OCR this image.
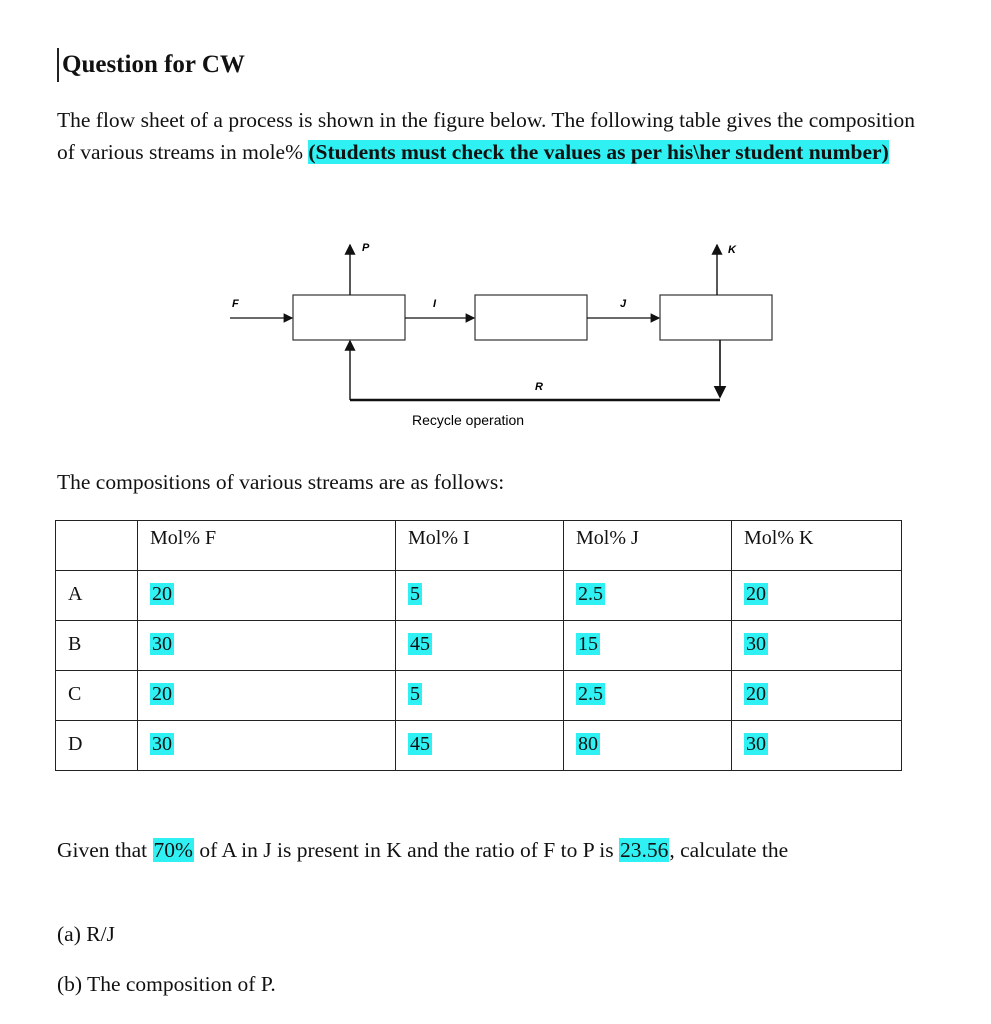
Question for CW
The flow sheet of a process is shown in the figure below. The following table gives the composition of various streams in mole% (Students must check the values as per his\her student number)
F	I	J
P	K
R
Recycle operation
The compositions of various streams are as follows:
	Mol% F	Mol% I	Mol% J	Mol% K
A	20	5	2.5	20
B	30	45	15	30
C	20	5	2.5	20
D	30	45	80	30
Given that 70% of A in J is present in K and the ratio of F to P is 23.56, calculate the
(a) R/J
(b) The composition of P.
